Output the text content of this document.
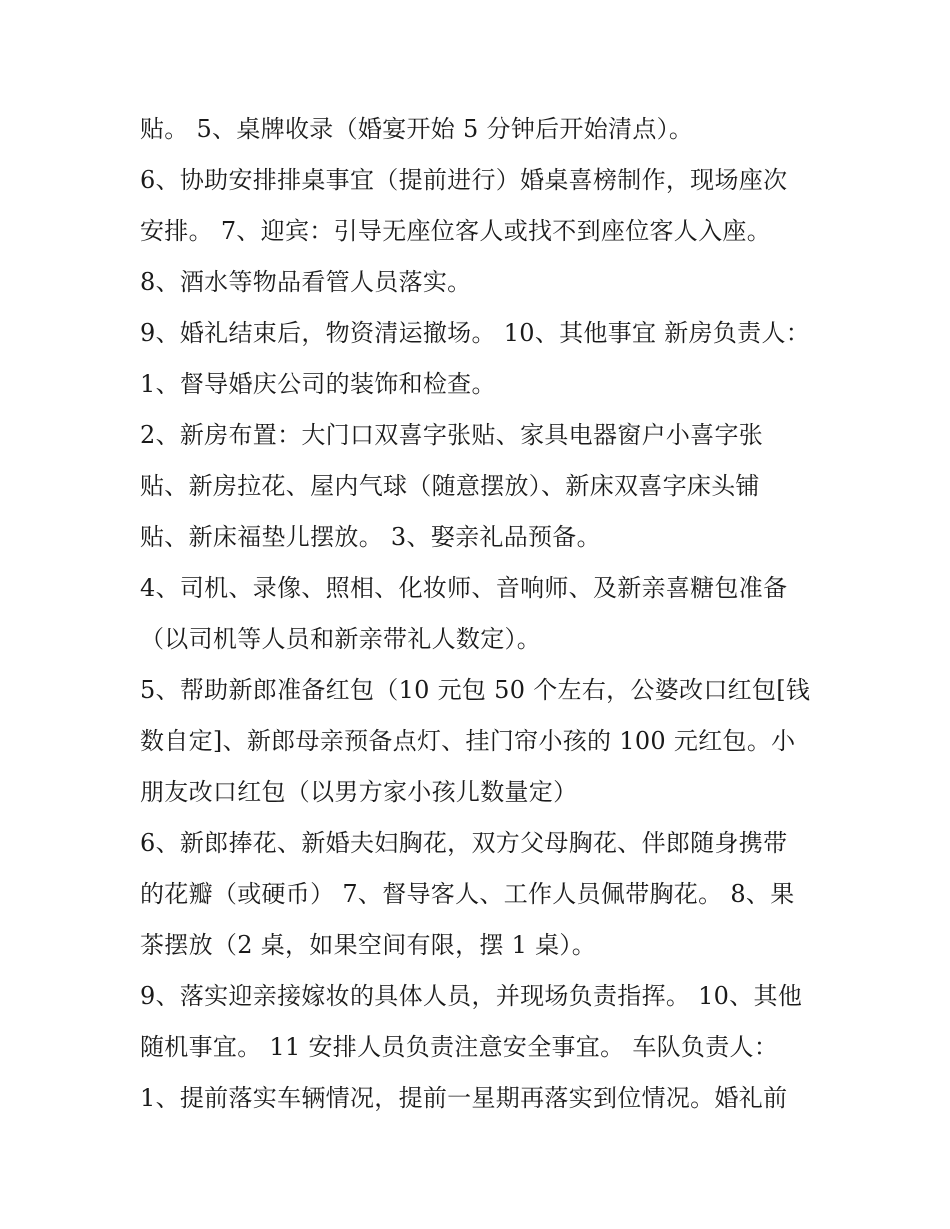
贴。 5、桌牌收录（婚宴开始 5 分钟后开始清点）。
6、协助安排排桌事宜（提前进行）婚桌喜榜制作，现场座次
安排。 7、迎宾：引导无座位客人或找不到座位客人入座。
8、酒水等物品看管人员落实。
9、婚礼结束后，物资清运撤场。 10、其他事宜 新房负责人：
1、督导婚庆公司的装饰和检查。
2、新房布置：大门口双喜字张贴、家具电器窗户小喜字张
贴、新房拉花、屋内气球（随意摆放）、新床双喜字床头铺
贴、新床福垫儿摆放。 3、娶亲礼品预备。
4、司机、录像、照相、化妆师、音响师、及新亲喜糖包准备
（以司机等人员和新亲带礼人数定）。
5、帮助新郎准备红包（10 元包 50 个左右，公婆改口红包[钱
数自定]、新郎母亲预备点灯、挂门帘小孩的 100 元红包。小
朋友改口红包（以男方家小孩儿数量定）
6、新郎捧花、新婚夫妇胸花，双方父母胸花、伴郎随身携带
的花瓣（或硬币） 7、督导客人、工作人员佩带胸花。 8、果
茶摆放（2 桌，如果空间有限，摆 1 桌）。
9、落实迎亲接嫁妆的具体人员，并现场负责指挥。 10、其他
随机事宜。 11 安排人员负责注意安全事宜。 车队负责人：
1、提前落实车辆情况，提前一星期再落实到位情况。婚礼前
